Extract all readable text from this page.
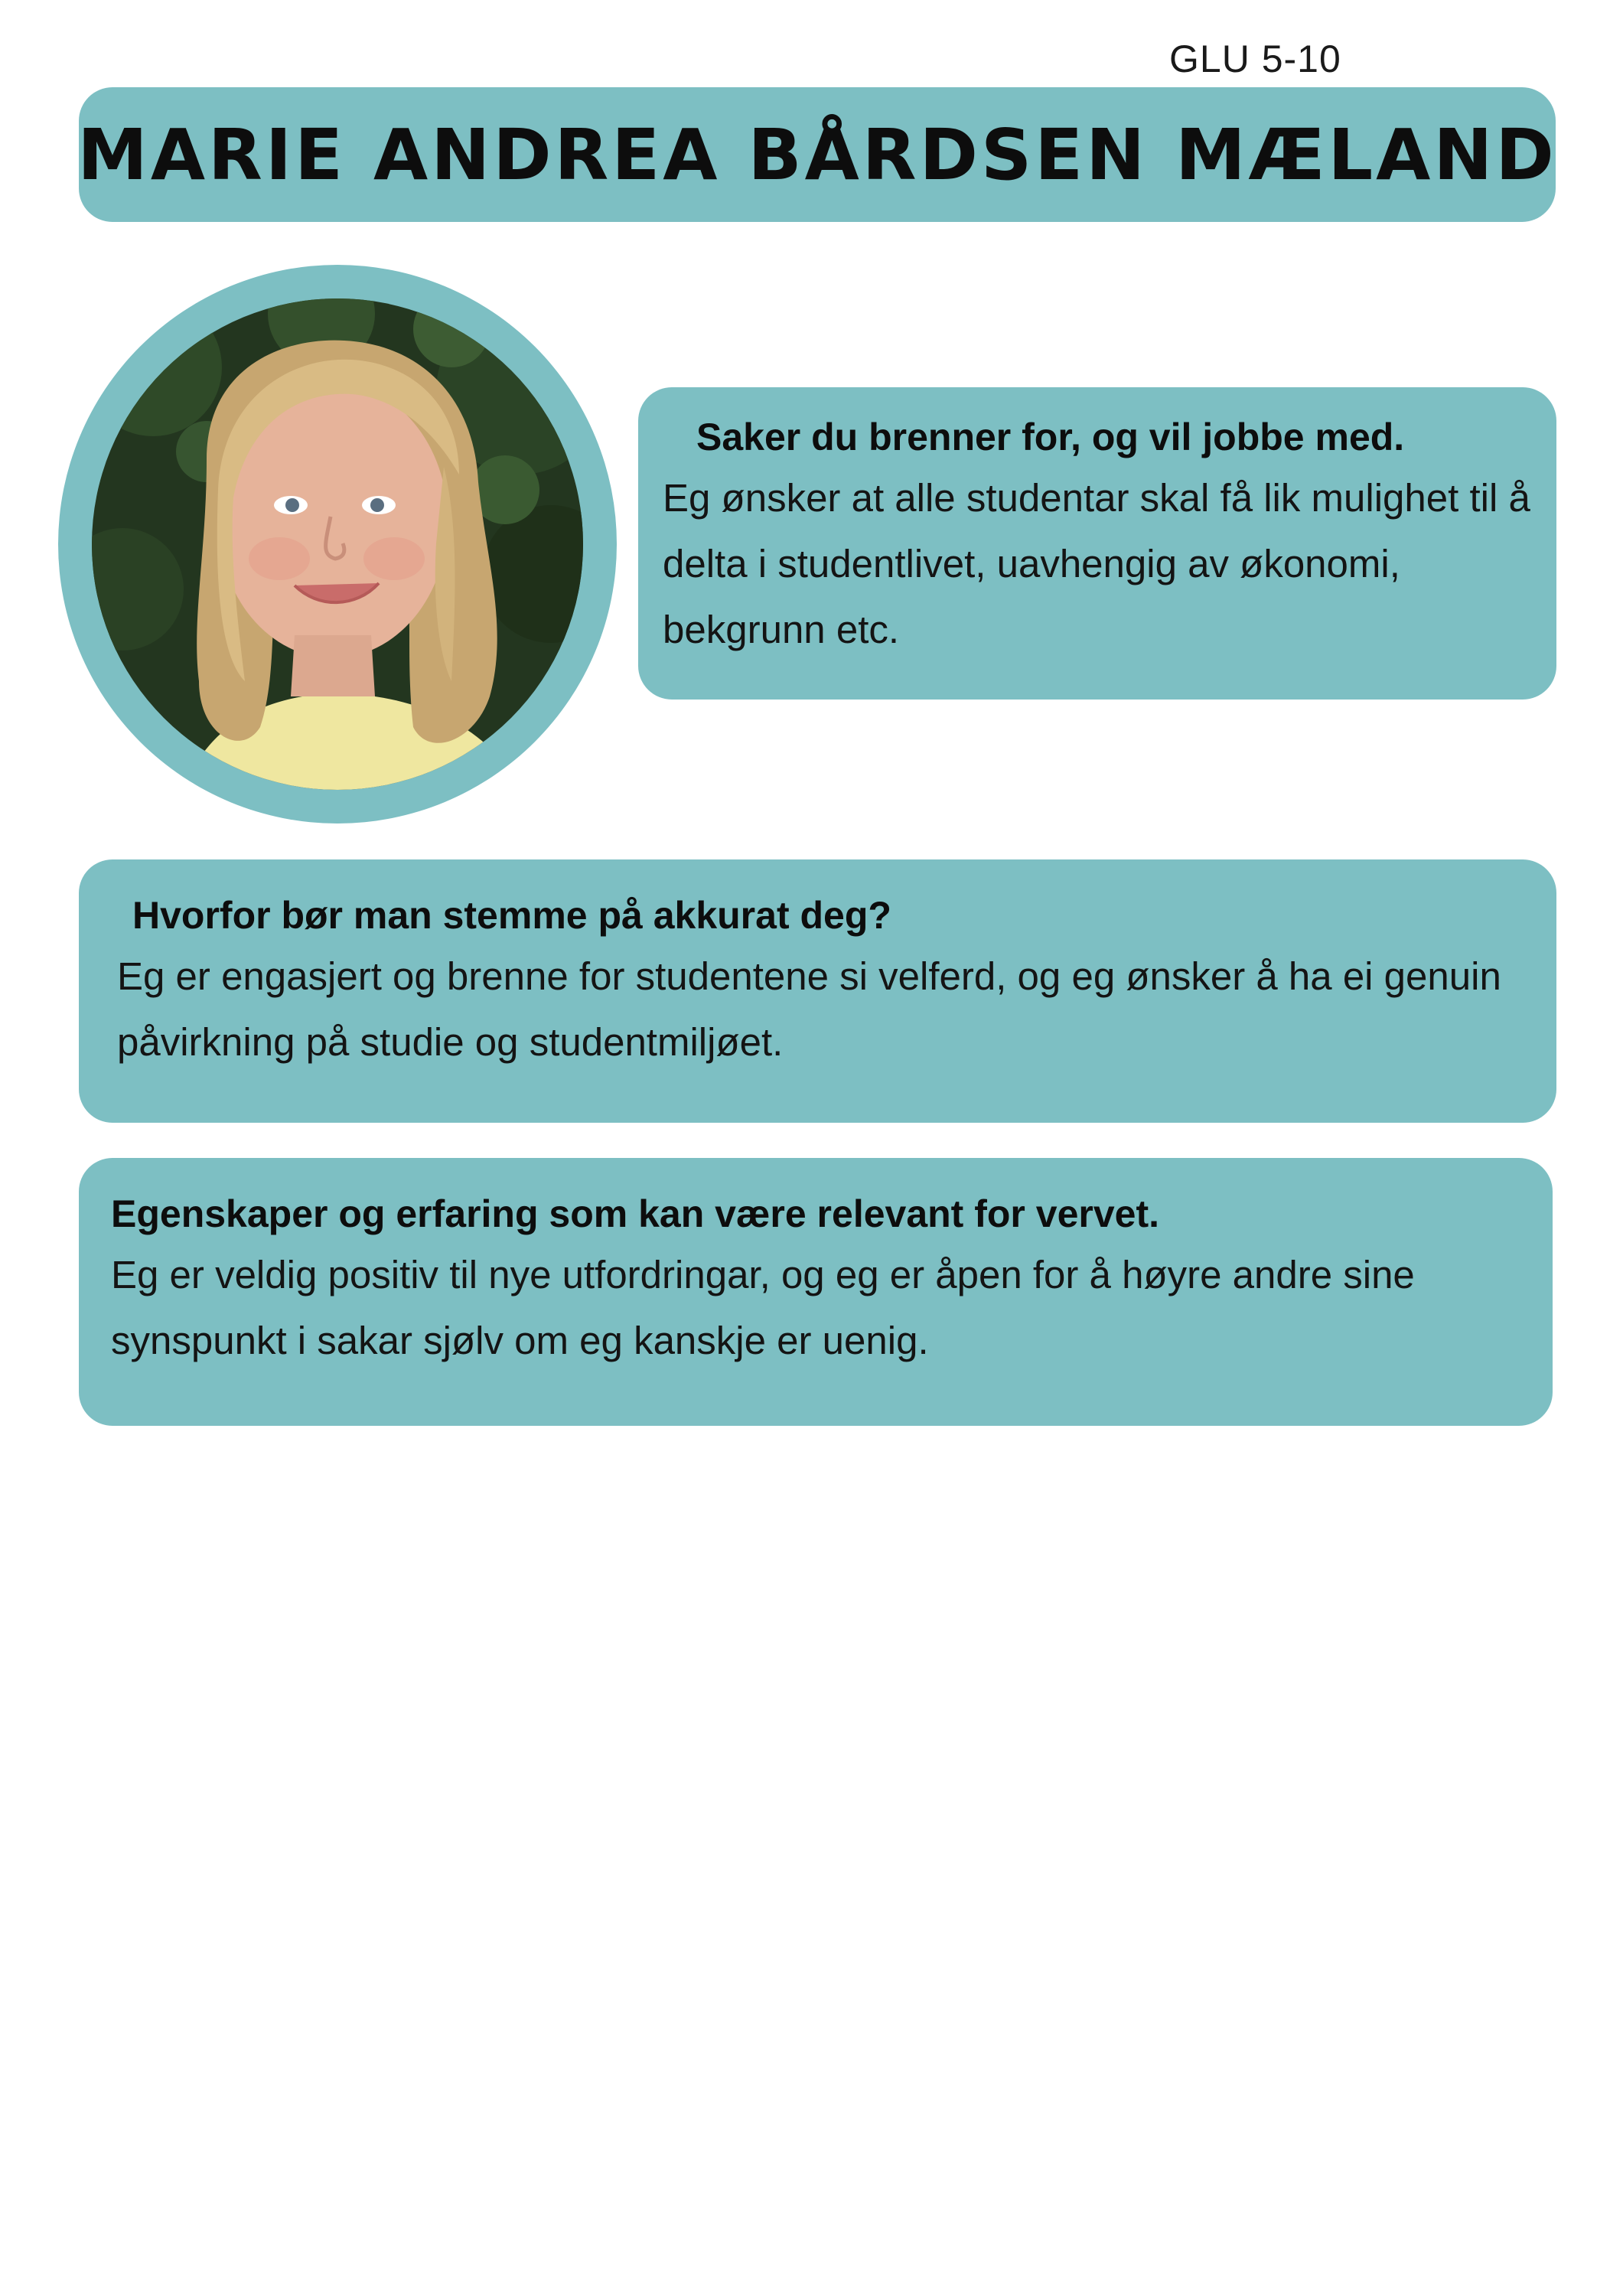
GLU 5-10
MARIE ANDREA BÅRDSEN MÆLAND

Saker du brenner for, og vil jobbe med.

Eg ønsker at alle studentar skal få lik mulighet til å delta i studentlivet, uavhengig av økonomi, bekgrunn etc.

Hvorfor bør man stemme på akkurat deg?

Eg er engasjert og brenne for studentene si velferd, og eg ønsker å ha ei genuin påvirkning på studie og studentmiljøet.

Egenskaper og erfaring som kan være relevant for vervet.

Eg er veldig positiv til nye utfordringar, og eg er åpen for å høyre andre sine synspunkt i sakar sjølv om eg kanskje er uenig.
